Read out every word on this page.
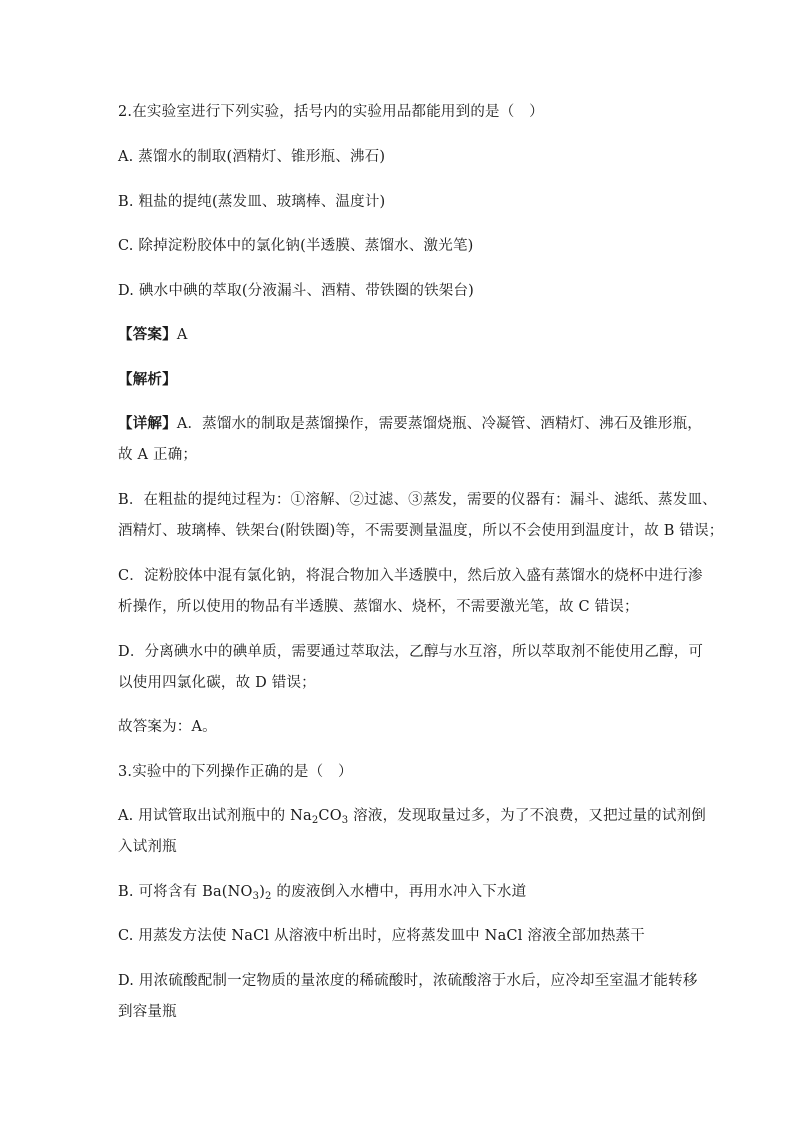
2.在实验室进行下列实验，括号内的实验用品都能用到的是（　）
A. 蒸馏水的制取(酒精灯、锥形瓶、沸石)
B. 粗盐的提纯(蒸发皿、玻璃棒、温度计)
C. 除掉淀粉胶体中的氯化钠(半透膜、蒸馏水、激光笔)
D. 碘水中碘的萃取(分液漏斗、酒精、带铁圈的铁架台)
【答案】A
【解析】
【详解】A．蒸馏水的制取是蒸馏操作，需要蒸馏烧瓶、冷凝管、酒精灯、沸石及锥形瓶，
故 A 正确；
B．在粗盐的提纯过程为：①溶解、②过滤、③蒸发，需要的仪器有：漏斗、滤纸、蒸发皿、
酒精灯、玻璃棒、铁架台(附铁圈)等，不需要测量温度，所以不会使用到温度计，故 B 错误；
C．淀粉胶体中混有氯化钠，将混合物加入半透膜中，然后放入盛有蒸馏水的烧杯中进行渗
析操作，所以使用的物品有半透膜、蒸馏水、烧杯，不需要激光笔，故 C 错误；
D．分离碘水中的碘单质，需要通过萃取法，乙醇与水互溶，所以萃取剂不能使用乙醇，可
以使用四氯化碳，故 D 错误；
故答案为：A。
3.实验中的下列操作正确的是（　）
A. 用试管取出试剂瓶中的 $Na_2CO_3$ 溶液，发现取量过多，为了不浪费，又把过量的试剂倒
入试剂瓶
B. 可将含有 $Ba(NO_3)_2$ 的废液倒入水槽中，再用水冲入下水道
C. 用蒸发方法使 NaCl 从溶液中析出时，应将蒸发皿中 NaCl 溶液全部加热蒸干
D. 用浓硫酸配制一定物质的量浓度的稀硫酸时，浓硫酸溶于水后，应冷却至室温才能转移
到容量瓶
